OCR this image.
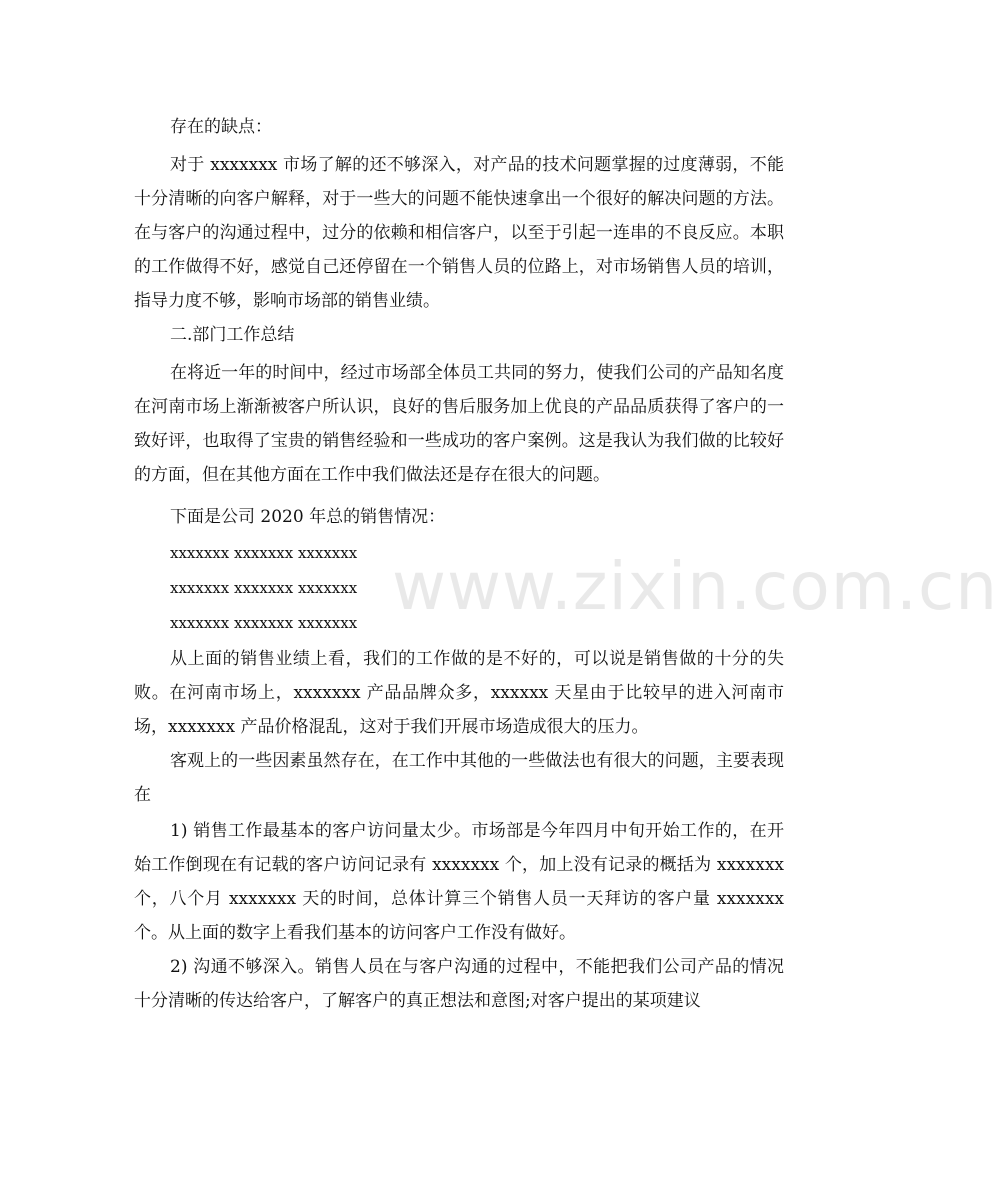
存在的缺点：

对于 xxxxxxx 市场了解的还不够深入，对产品的技术问题掌握的过度薄弱，不能十分清晰的向客户解释，对于一些大的问题不能快速拿出一个很好的解决问题的方法。在与客户的沟通过程中，过分的依赖和相信客户，以至于引起一连串的不良反应。本职的工作做得不好，感觉自己还停留在一个销售人员的位路上，对市场销售人员的培训，指导力度不够，影响市场部的销售业绩。

二.部门工作总结

在将近一年的时间中，经过市场部全体员工共同的努力，使我们公司的产品知名度在河南市场上渐渐被客户所认识，良好的售后服务加上优良的产品品质获得了客户的一致好评，也取得了宝贵的销售经验和一些成功的客户案例。这是我认为我们做的比较好的方面，但在其他方面在工作中我们做法还是存在很大的问题。

下面是公司 2020 年总的销售情况：

xxxxxxx xxxxxxx xxxxxxx

xxxxxxx xxxxxxx xxxxxxx

xxxxxxx xxxxxxx xxxxxxx

从上面的销售业绩上看，我们的工作做的是不好的，可以说是销售做的十分的失败。在河南市场上，xxxxxxx 产品品牌众多，xxxxxx 天星由于比较早的进入河南市场，xxxxxxx 产品价格混乱，这对于我们开展市场造成很大的压力。

客观上的一些因素虽然存在，在工作中其他的一些做法也有很大的问题，主要表现在

1) 销售工作最基本的客户访问量太少。市场部是今年四月中旬开始工作的，在开始工作倒现在有记载的客户访问记录有 xxxxxxx 个，加上没有记录的概括为 xxxxxxx 个，八个月 xxxxxxx 天的时间，总体计算三个销售人员一天拜访的客户量 xxxxxxx 个。从上面的数字上看我们基本的访问客户工作没有做好。

2) 沟通不够深入。销售人员在与客户沟通的过程中，不能把我们公司产品的情况十分清晰的传达给客户，了解客户的真正想法和意图;对客户提出的某项建议

www.zixin.com.cn
